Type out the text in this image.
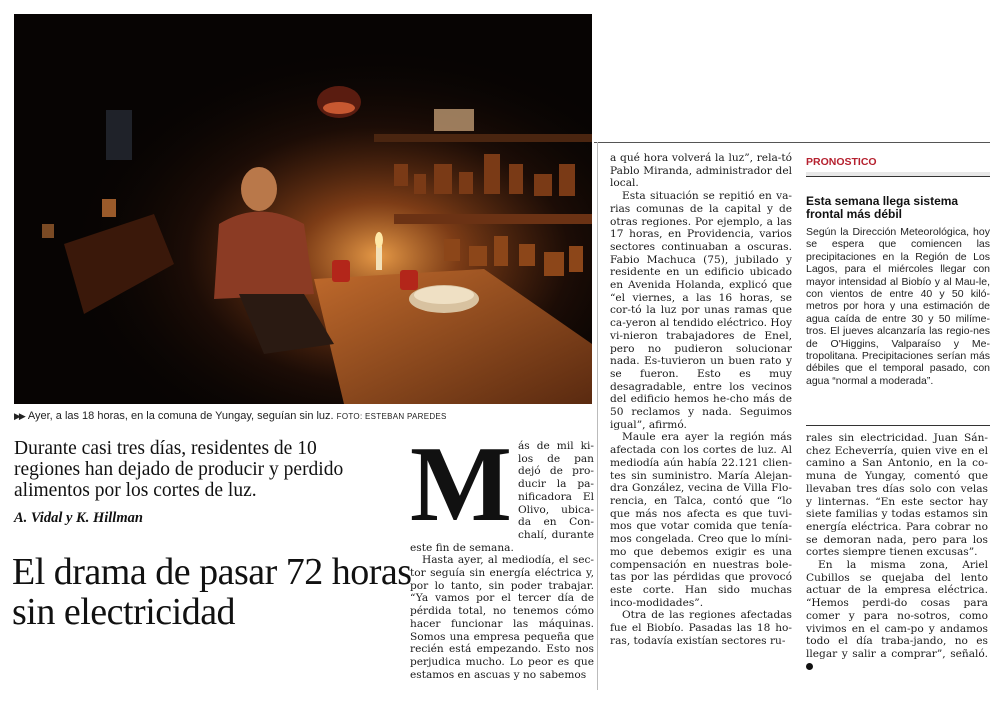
▶▶ Ayer, a las 18 horas, en la comuna de Yungay, seguían sin luz. FOTO: ESTEBAN PAREDES
Durante casi tres días, residentes de 10 regiones han dejado de producir y perdido alimentos por los cortes de luz.
A. Vidal y K. Hillman
El drama de pasar 72 horas sin electricidad
M ás de mil ki-los de pan dejó de pro-ducir la pa-nificadora El Olivo, ubica-da en Con-chalí, durante este fin de semana.

Hasta ayer, al mediodía, el sec-tor seguía sin energía eléctrica y, por lo tanto, sin poder trabajar. “Ya vamos por el tercer día de pérdida total, no tenemos cómo hacer funcionar las máquinas. Somos una empresa pequeña que recién está empezando. Esto nos perjudica mucho. Lo peor es que estamos en ascuas y no sabemos

a qué hora volverá la luz”, rela-tó Pablo Miranda, administrador del local.

Esta situación se repitió en va-rias comunas de la capital y de otras regiones. Por ejemplo, a las 17 horas, en Providencia, varios sectores continuaban a oscuras. Fabio Machuca (75), jubilado y residente en un edificio ubicado en Avenida Holanda, explicó que “el viernes, a las 16 horas, se cor-tó la luz por unas ramas que ca-yeron al tendido eléctrico. Hoy vi-nieron trabajadores de Enel, pero no pudieron solucionar nada. Es-tuvieron un buen rato y se fueron. Esto es muy desagradable, entre los vecinos del edificio hemos he-cho más de 50 reclamos y nada. Seguimos igual”, afirmó.

Maule era ayer la región más afectada con los cortes de luz. Al mediodía aún había 22.121 clien-tes sin suministro. María Alejan-dra González, vecina de Villa Flo-rencia, en Talca, contó que “lo que más nos afecta es que tuvi-mos que votar comida que tenía-mos congelada. Creo que lo míni-mo que debemos exigir es una compensación en nuestras bole-tas por las pérdidas que provocó este corte. Han sido muchas inco-modidades”.

Otra de las regiones afectadas fue el Biobío. Pasadas las 18 ho-ras, todavía existían sectores ru-

rales sin electricidad. Juan Sán-chez Echeverría, quien vive en el camino a San Antonio, en la co-muna de Yungay, comentó que llevaban tres días solo con velas y linternas. “En este sector hay siete familias y todas estamos sin energía eléctrica. Para cobrar no se demoran nada, pero para los cortes siempre tienen excusas”.

En la misma zona, Ariel Cubillos se quejaba del lento actuar de la empresa eléctrica. “Hemos perdi-do cosas para comer y para no-sotros, como vivimos en el cam-po y andamos todo el día traba-jando, no es llegar y salir a comprar”, señaló.

PRONOSTICO
Esta semana llega sistema frontal más débil
Según la Dirección Meteorológica, hoy se espera que comiencen las precipitaciones en la Región de Los Lagos, para el miércoles llegar con mayor intensidad al Biobío y al Mau-le, con vientos de entre 40 y 50 kiló-metros por hora y una estimación de agua caída de entre 30 y 50 milíme-tros. El jueves alcanzaría las regio-nes de O'Higgins, Valparaíso y Me-tropolitana. Precipitaciones serían más débiles que el temporal pasado, con agua “normal a moderada”.
